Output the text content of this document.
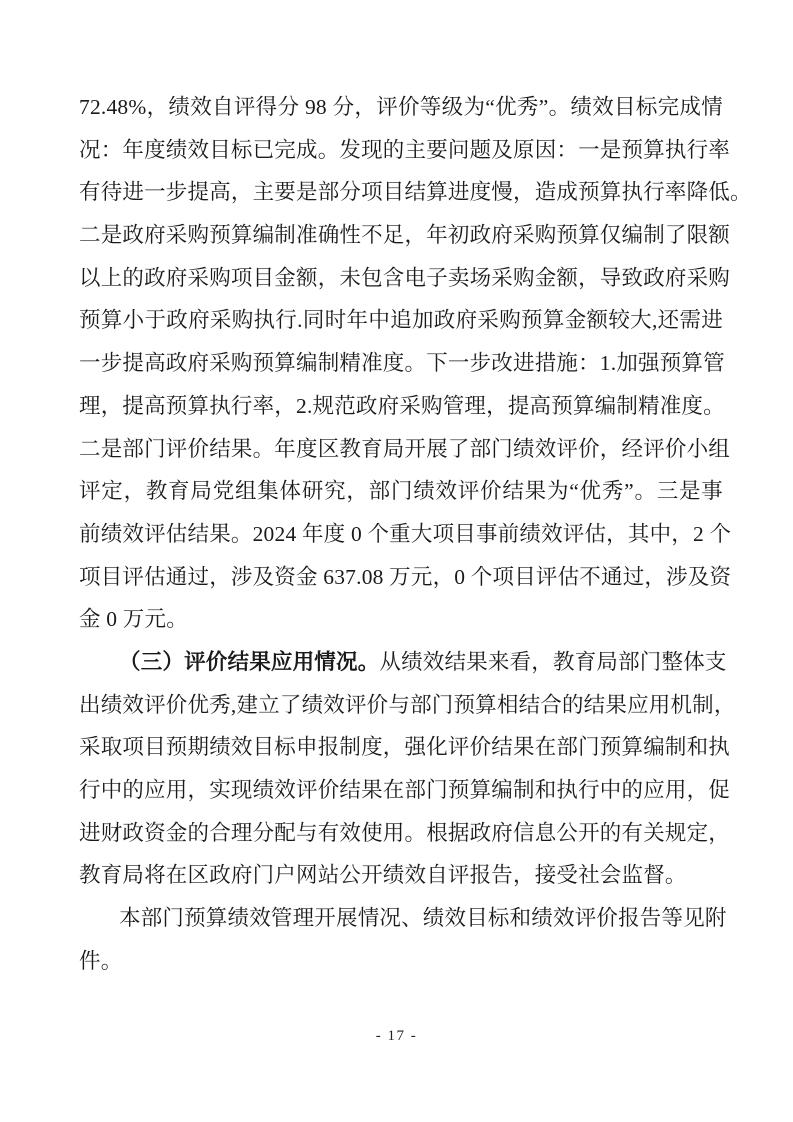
72.48%，绩效自评得分 98 分，评价等级为“优秀”。绩效目标完成情
况：年度绩效目标已完成。发现的主要问题及原因：一是预算执行率
有待进一步提高，主要是部分项目结算进度慢，造成预算执行率降低。
二是政府采购预算编制准确性不足，年初政府采购预算仅编制了限额
以上的政府采购项目金额，未包含电子卖场采购金额，导致政府采购
预算小于政府采购执行.同时年中追加政府采购预算金额较大,还需进
一步提高政府采购预算编制精准度。下一步改进措施：1.加强预算管
理，提高预算执行率，2.规范政府采购管理，提高预算编制精准度。
二是部门评价结果。年度区教育局开展了部门绩效评价，经评价小组
评定，教育局党组集体研究，部门绩效评价结果为“优秀”。三是事
前绩效评估结果。2024 年度 0 个重大项目事前绩效评估，其中，2 个
项目评估通过，涉及资金 637.08 万元，0 个项目评估不通过，涉及资
金 0 万元。
（三）评价结果应用情况。从绩效结果来看，教育局部门整体支
出绩效评价优秀,建立了绩效评价与部门预算相结合的结果应用机制，
采取项目预期绩效目标申报制度，强化评价结果在部门预算编制和执
行中的应用，实现绩效评价结果在部门预算编制和执行中的应用，促
进财政资金的合理分配与有效使用。根据政府信息公开的有关规定，
教育局将在区政府门户网站公开绩效自评报告，接受社会监督。
本部门预算绩效管理开展情况、绩效目标和绩效评价报告等见附
件。
- 17 -
